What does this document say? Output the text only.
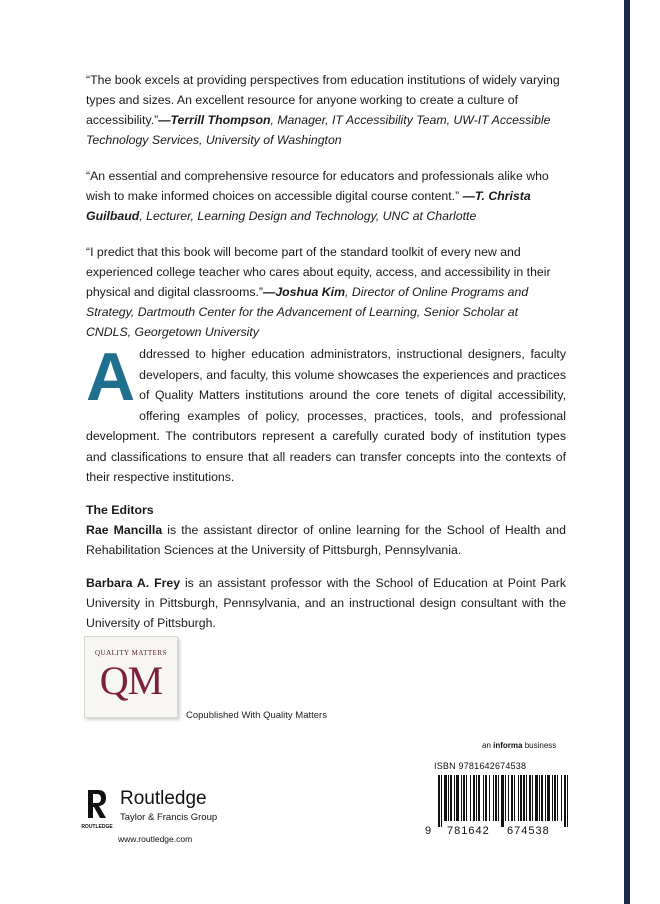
“The book excels at providing perspectives from education institutions of widely varying types and sizes. An excellent resource for anyone working to create a culture of accessibility.”—Terrill Thompson, Manager, IT Accessibility Team, UW-IT Accessible Technology Services, University of Washington

“An essential and comprehensive resource for educators and professionals alike who wish to make informed choices on accessible digital course content.” —T. Christa Guilbaud, Lecturer, Learning Design and Technology, UNC at Charlotte

“I predict that this book will become part of the standard toolkit of every new and experienced college teacher who cares about equity, access, and accessibility in their physical and digital classrooms.”—Joshua Kim, Director of Online Programs and Strategy, Dartmouth Center for the Advancement of Learning, Senior Scholar at CNDLS, Georgetown University

A ddressed to higher education administrators, instructional designers, faculty developers, and faculty, this volume showcases the experiences and practices of Quality Matters institutions around the core tenets of digital accessibility, offering examples of policy, processes, practices, tools, and professional development. The contributors represent a carefully curated body of institution types and classifications to ensure that all readers can transfer concepts into the contexts of their respective institutions.
The Editors

Rae Mancilla is the assistant director of online learning for the School of Health and Rehabilitation Sciences at the University of Pittsburgh, Pennsylvania.

Barbara A. Frey is an assistant professor with the School of Education at Point Park University in Pittsburgh, Pennsylvania, and an instructional design consultant with the University of Pittsburgh.

QUALITY MATTERS
QM
Copublished With Quality Matters
an informa business
ROUTLEDGE
Routledge
Taylor & Francis Group
www.routledge.com
ISBN 9781642674538
9 781642 674538
